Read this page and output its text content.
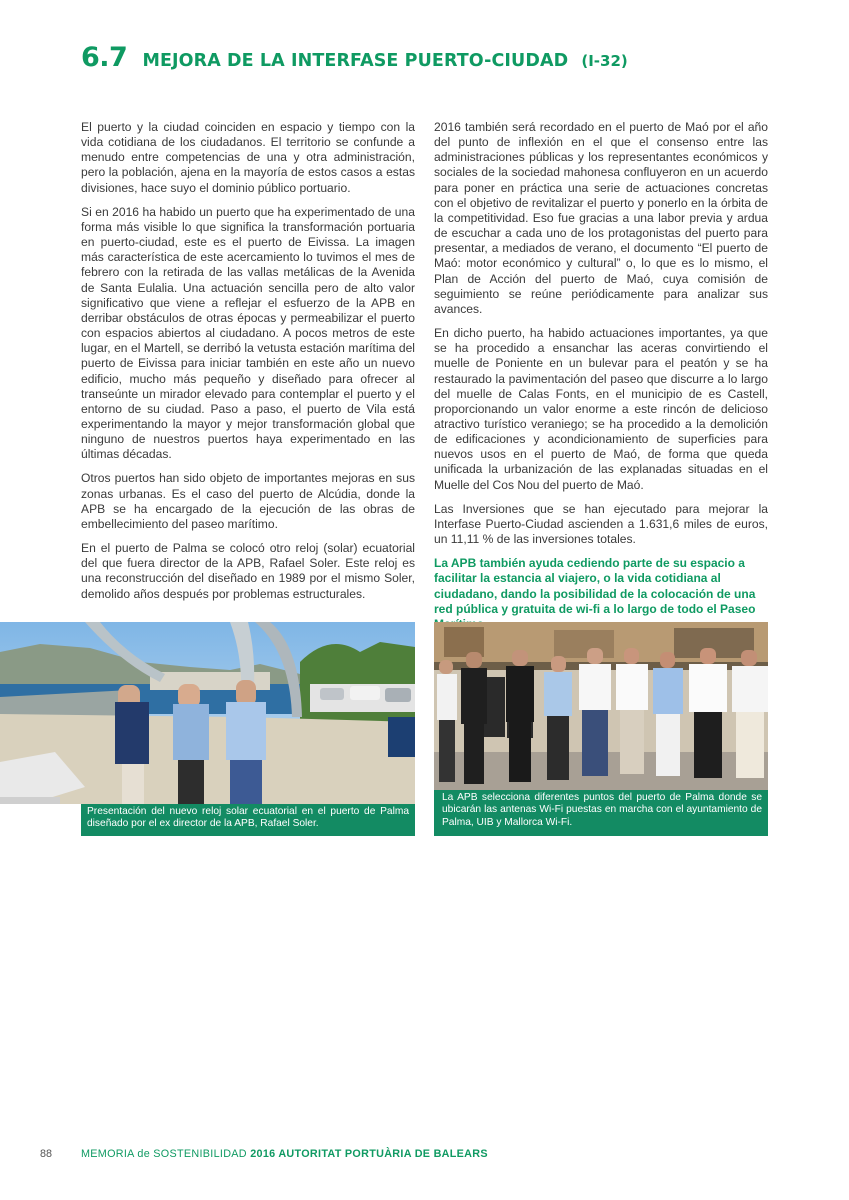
6.7 MEJORA DE LA INTERFASE PUERTO-CIUDAD (I-32)

El puerto y la ciudad coinciden en espacio y tiempo con la vida cotidiana de los ciudadanos. El territorio se confunde a menudo entre competencias de una y otra administración, pero la población, ajena en la mayoría de estos casos a estas divisiones, hace suyo el dominio público portuario.

Si en 2016 ha habido un puerto que ha experimentado de una forma más visible lo que significa la transformación portuaria en puerto-ciudad, este es el puerto de Eivissa. La imagen más característica de este acercamiento lo tuvimos el mes de febrero con la retirada de las vallas metálicas de la Avenida de Santa Eulalia. Una actuación sencilla pero de alto valor significativo que viene a reflejar el esfuerzo de la APB en derribar obstáculos de otras épocas y permeabilizar el puerto con espacios abiertos al ciudadano. A pocos metros de este lugar, en el Martell, se derribó la vetusta estación marítima del puerto de Eivissa para iniciar también en este año un nuevo edificio, mucho más pequeño y diseñado para ofrecer al transeúnte un mirador elevado para contemplar el puerto y el entorno de su ciudad. Paso a paso, el puerto de Vila está experimentando la mayor y mejor transformación global que ninguno de nuestros puertos haya experimentado en las últimas décadas.

Otros puertos han sido objeto de importantes mejoras en sus zonas urbanas. Es el caso del puerto de Alcúdia, donde la APB se ha encargado de la ejecución de las obras de embellecimiento del paseo marítimo.

En el puerto de Palma se colocó otro reloj (solar) ecuatorial del que fuera director de la APB, Rafael Soler. Este reloj es una reconstrucción del diseñado en 1989 por el mismo Soler, demolido años después por problemas estructurales.

2016 también será recordado en el puerto de Maó por el año del punto de inflexión en el que el consenso entre las administraciones públicas y los representantes económicos y sociales de la sociedad mahonesa confluyeron en un acuerdo para poner en práctica una serie de actuaciones concretas con el objetivo de revitalizar el puerto y ponerlo en la órbita de la competitividad. Eso fue gracias a una labor previa y ardua de escuchar a cada uno de los protagonistas del puerto para presentar, a mediados de verano, el documento “El puerto de Maó: motor económico y cultural” o, lo que es lo mismo, el Plan de Acción del puerto de Maó, cuya comisión de seguimiento se reúne periódicamente para analizar sus avances.

En dicho puerto, ha habido actuaciones importantes, ya que se ha procedido a ensanchar las aceras convirtiendo el muelle de Poniente en un bulevar para el peatón y se ha restaurado la pavimentación del paseo que discurre a lo largo del muelle de Calas Fonts, en el municipio de es Castell, proporcionando un valor enorme a este rincón de delicioso atractivo turístico veraniego; se ha procedido a la demolición de edificaciones y acondicionamiento de superficies para nuevos usos en el puerto de Maó, de forma que queda unificada la urbanización de las explanadas situadas en el Muelle del Cos Nou del puerto de Maó.

Las Inversiones que se han ejecutado para mejorar la Interfase Puerto-Ciudad ascienden a 1.631,6 miles de euros, un 11,11 % de las inversiones totales.

La APB también ayuda cediendo parte de su espacio a facilitar la estancia al viajero, o la vida cotidiana al ciudadano, dando la posibilidad de la colocación de una red pública y gratuita de wi-fi a lo largo de todo el Paseo

Presentación del nuevo reloj solar ecuatorial en el puerto de Palma diseñado por el ex director de la APB, Rafael Soler.
La APB selecciona diferentes puntos del puerto de Palma donde se ubicarán las antenas Wi-Fi puestas en marcha con el ayuntamiento de Palma, UIB y Mallorca Wi-Fi.
88	MEMORIA de SOSTENIBILIDAD 2016 AUTORITAT PORTUÀRIA DE BALEARS
